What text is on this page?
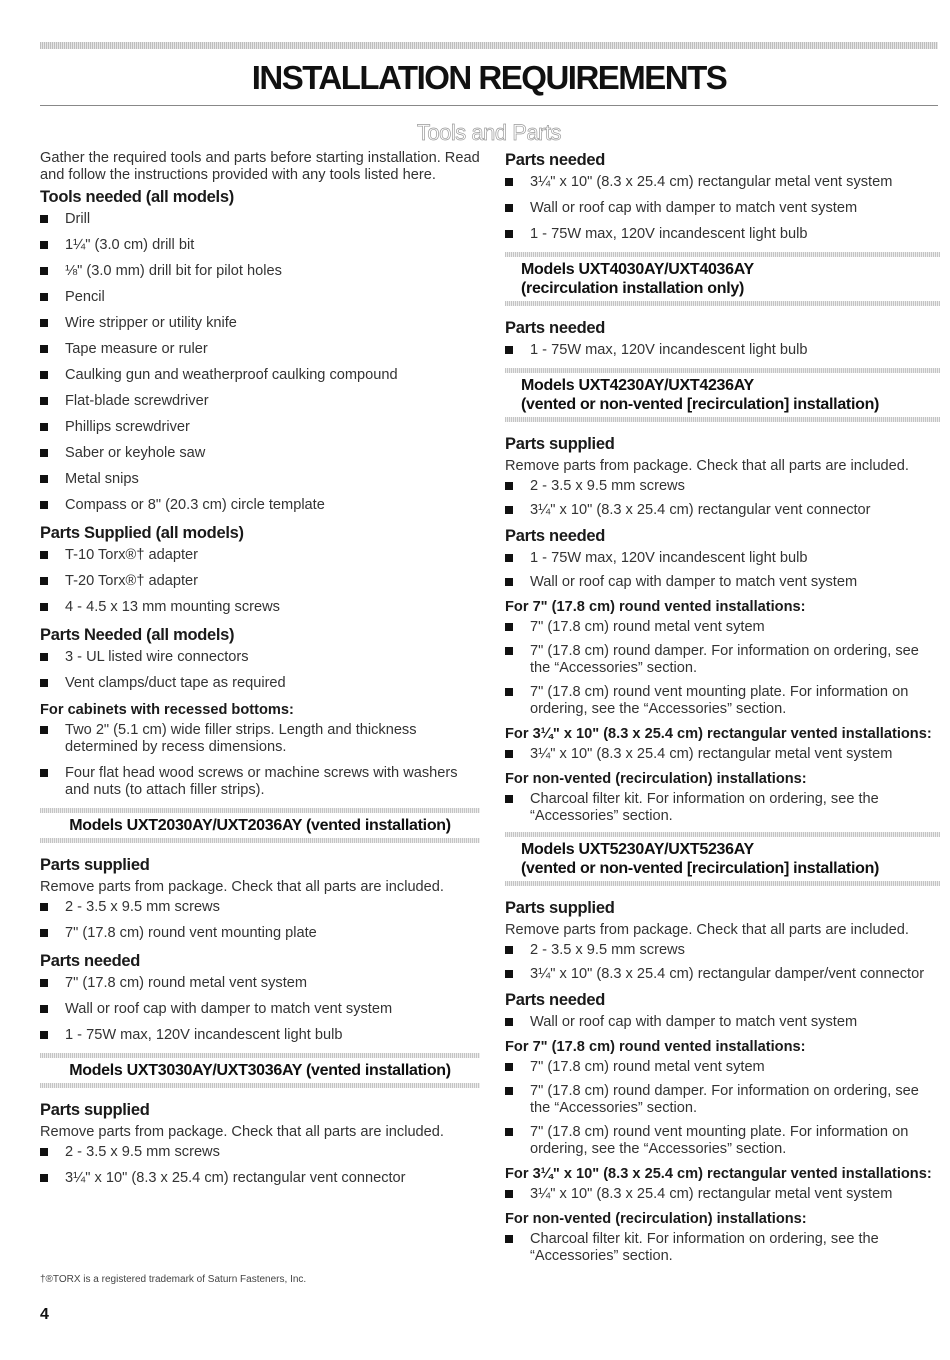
INSTALLATION REQUIREMENTS
Tools and Parts

Gather the required tools and parts before starting installation. Read and follow the instructions provided with any tools listed here.

Tools needed (all models)
Drill
1¼" (3.0 cm) drill bit
⅛" (3.0 mm) drill bit for pilot holes
Pencil
Wire stripper or utility knife
Tape measure or ruler
Caulking gun and weatherproof caulking compound
Flat-blade screwdriver
Phillips screwdriver
Saber or keyhole saw
Metal snips
Compass or 8" (20.3 cm) circle template
Parts Supplied (all models)
T-10 Torx®† adapter
T-20 Torx®† adapter
4 - 4.5 x 13 mm mounting screws
Parts Needed (all models)
3 - UL listed wire connectors
Vent clamps/duct tape as required
For cabinets with recessed bottoms:
Two 2" (5.1 cm) wide filler strips. Length and thickness determined by recess dimensions.
Four flat head wood screws or machine screws with washers and nuts (to attach filler strips).
Models UXT2030AY/UXT2036AY (vented installation)
Parts supplied

Remove parts from package. Check that all parts are included.

2 - 3.5 x 9.5 mm screws
7" (17.8 cm) round vent mounting plate
Parts needed
7" (17.8 cm) round metal vent system
Wall or roof cap with damper to match vent system
1 - 75W max, 120V incandescent light bulb
Models UXT3030AY/UXT3036AY (vented installation)
Parts supplied

Remove parts from package. Check that all parts are included.

2 - 3.5 x 9.5 mm screws
3¼" x 10" (8.3 x 25.4 cm) rectangular vent connector
Parts needed
3¼" x 10" (8.3 x 25.4 cm) rectangular metal vent system
Wall or roof cap with damper to match vent system
1 - 75W max, 120V incandescent light bulb
Models UXT4030AY/UXT4036AY
(recirculation installation only)
Parts needed
1 - 75W max, 120V incandescent light bulb
Models UXT4230AY/UXT4236AY
(vented or non-vented [recirculation] installation)
Parts supplied

Remove parts from package. Check that all parts are included.

2 - 3.5 x 9.5 mm screws
3¼" x 10" (8.3 x 25.4 cm) rectangular vent connector
Parts needed
1 - 75W max, 120V incandescent light bulb
Wall or roof cap with damper to match vent system
For 7" (17.8 cm) round vented installations:
7" (17.8 cm) round metal vent sytem
7" (17.8 cm) round damper. For information on ordering, see the “Accessories” section.
7" (17.8 cm) round vent mounting plate. For information on ordering, see the “Accessories” section.
For 3¼" x 10" (8.3 x 25.4 cm) rectangular vented installations:
3¼" x 10" (8.3 x 25.4 cm) rectangular metal vent system
For non-vented (recirculation) installations:
Charcoal filter kit. For information on ordering, see the “Accessories” section.
Models UXT5230AY/UXT5236AY
(vented or non-vented [recirculation] installation)
Parts supplied

Remove parts from package. Check that all parts are included.

2 - 3.5 x 9.5 mm screws
3¼" x 10" (8.3 x 25.4 cm) rectangular damper/vent connector
Parts needed
Wall or roof cap with damper to match vent system
For 7" (17.8 cm) round vented installations:
7" (17.8 cm) round metal vent sytem
7" (17.8 cm) round damper. For information on ordering, see the “Accessories” section.
7" (17.8 cm) round vent mounting plate. For information on ordering, see the “Accessories” section.
For 3¼" x 10" (8.3 x 25.4 cm) rectangular vented installations:
3¼" x 10" (8.3 x 25.4 cm) rectangular metal vent system
For non-vented (recirculation) installations:
Charcoal filter kit. For information on ordering, see the “Accessories” section.
†®TORX is a registered trademark of Saturn Fasteners, Inc.
4
